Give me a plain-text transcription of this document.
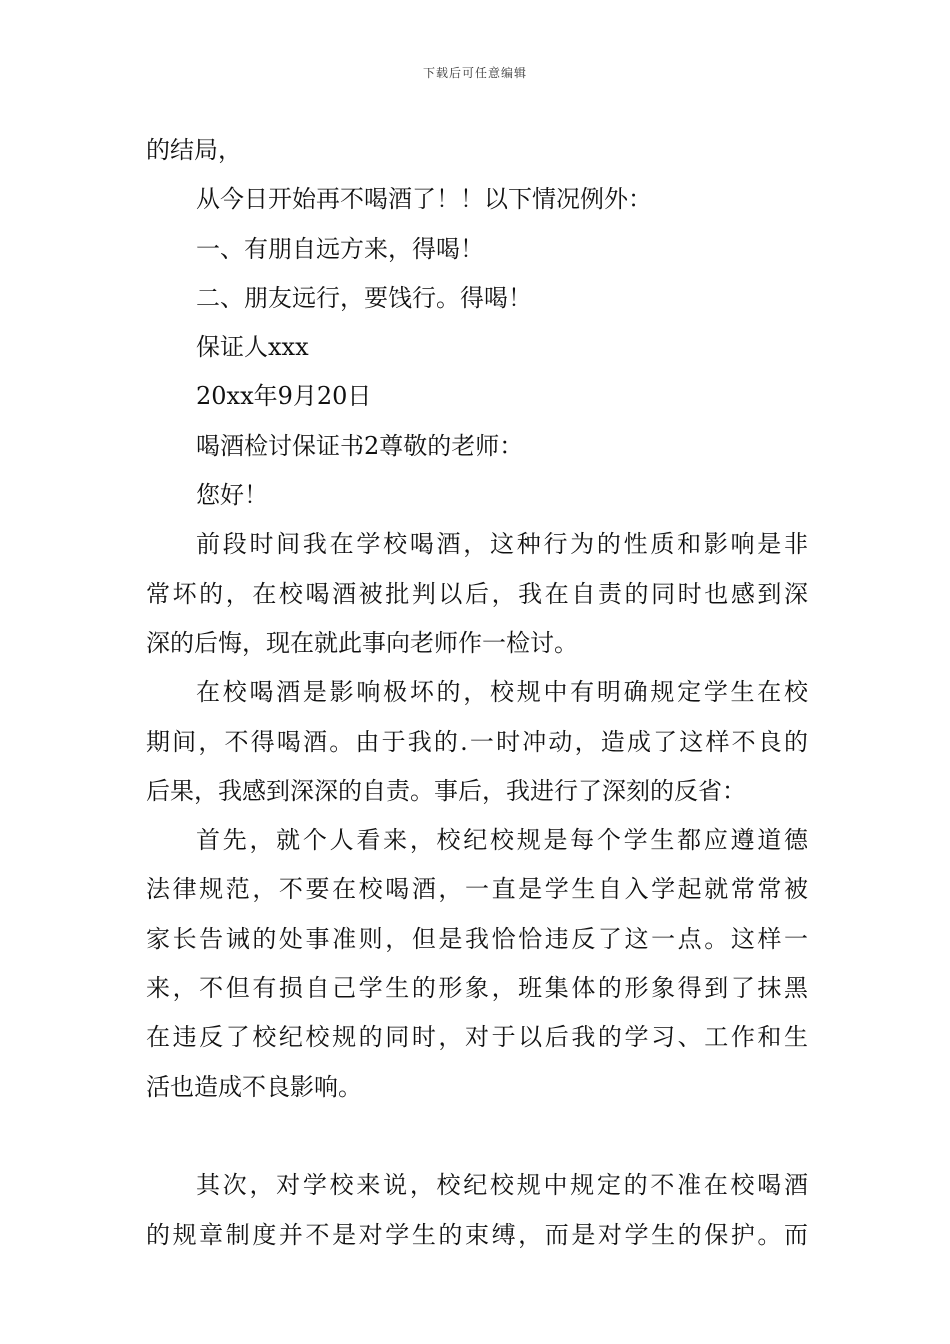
下载后可任意编辑
的结局，
从今日开始再不喝酒了！！以下情况例外：
一、有朋自远方来，得喝！
二、朋友远行，要饯行。得喝！
保证人xxx
20xx年9月20日
喝酒检讨保证书2尊敬的老师：
您好！
前段时间我在学校喝酒，这种行为的性质和影响是非
常坏的，在校喝酒被批判以后，我在自责的同时也感到深
深的后悔，现在就此事向老师作一检讨。
在校喝酒是影响极坏的，校规中有明确规定学生在校
期间，不得喝酒。由于我的.一时冲动，造成了这样不良的
后果，我感到深深的自责。事后，我进行了深刻的反省：
首先，就个人看来，校纪校规是每个学生都应遵道德
法律规范，不要在校喝酒，一直是学生自入学起就常常被
家长告诫的处事准则，但是我恰恰违反了这一点。这样一
来，不但有损自己学生的形象，班集体的形象得到了抹黑
在违反了校纪校规的同时，对于以后我的学习、工作和生
活也造成不良影响。
其次，对学校来说，校纪校规中规定的不准在校喝酒
的规章制度并不是对学生的束缚，而是对学生的保护。而
